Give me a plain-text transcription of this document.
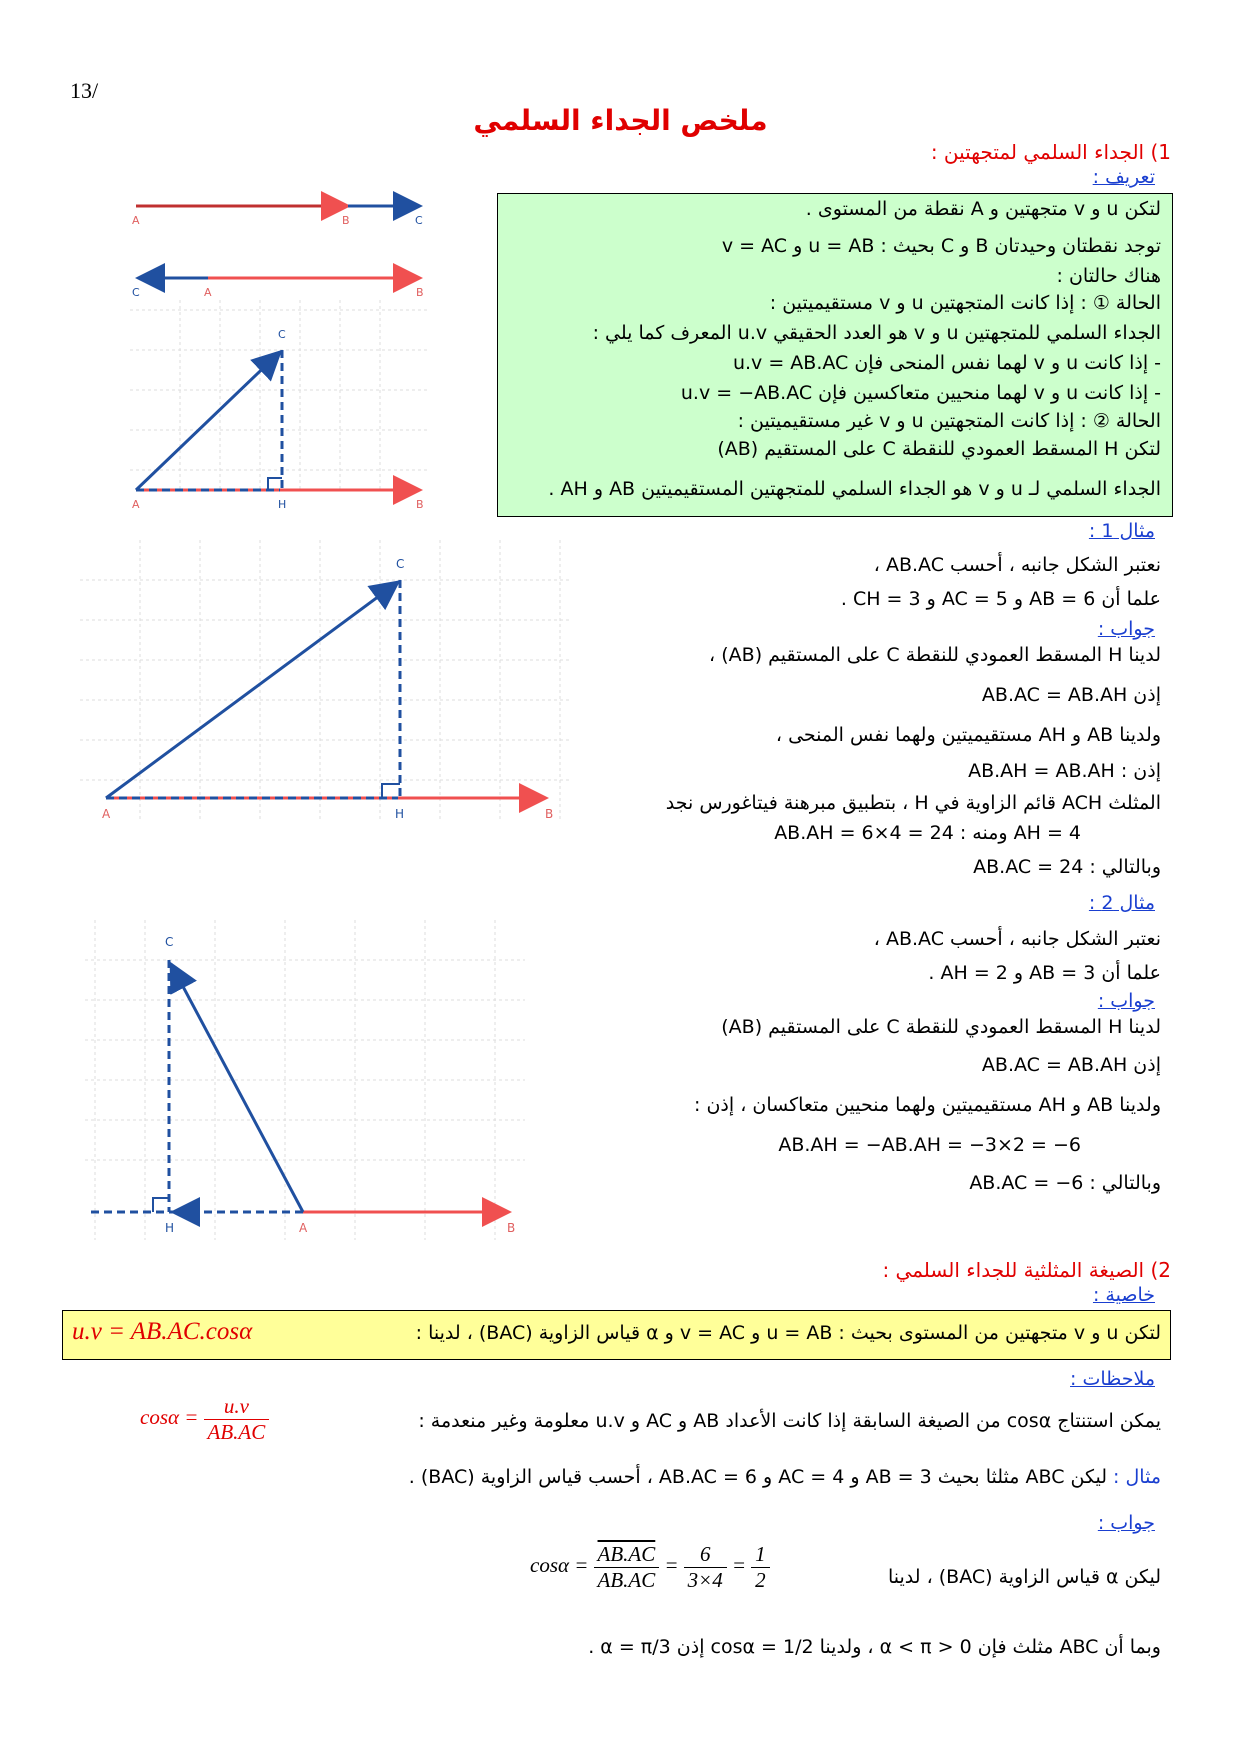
13/
ملخص الجداء السلمي
1) الجداء السلمي لمتجهتين :
تعريف :
لتكن u و v متجهتين و A نقطة من المستوى .
توجد نقطتان وحيدتان B و C بحيث : u = AB و v = AC
هناك حالتان :
الحالة ① : إذا كانت المتجهتين u و v مستقيميتين :
الجداء السلمي للمتجهتين u و v هو العدد الحقيقي u.v المعرف كما يلي :
- إذا كانت u و v لهما نفس المنحى فإن u.v = AB.AC
- إذا كانت u و v لهما منحيين متعاكسين فإن u.v = −AB.AC
الحالة ② : إذا كانت المتجهتين u و v غير مستقيميتين :
لتكن H المسقط العمودي للنقطة C على المستقيم (AB)
الجداء السلمي لـ u و v هو الجداء السلمي للمتجهتين المستقيميتين AB و AH .
A	B	C
C	A	B
A	H	B
C
مثال 1 :
نعتبر الشكل جانبه ، أحسب AB.AC ،
علما أن AB = 6 و AC = 5 و CH = 3 .
جواب :
لدينا H المسقط العمودي للنقطة C على المستقيم (AB) ،
إذن AB.AC = AB.AH
ولدينا AB و AH مستقيميتين ولهما نفس المنحى ،
إذن : AB.AH = AB.AH
المثلث ACH قائم الزاوية في H ، بتطبيق مبرهنة فيتاغورس نجد
AH = 4 ومنه : AB.AH = 6×4 = 24
وبالتالي : AB.AC = 24
A	H	B
C
مثال 2 :
نعتبر الشكل جانبه ، أحسب AB.AC ،
علما أن AB = 3 و AH = 2 .
جواب :
لدينا H المسقط العمودي للنقطة C على المستقيم (AB)
إذن AB.AC = AB.AH
ولدينا AB و AH مستقيميتين ولهما منحيين متعاكسان ، إذن :
AB.AH = −AB.AH = −3×2 = −6
وبالتالي : AB.AC = −6
A
H	B
C
2) الصيغة المثلثية للجداء السلمي :
خاصية :
لتكن u و v متجهتين من المستوى بحيث : u = AB و v = AC و α قياس الزاوية (BAC) ، لدينا :
u.v = AB.AC.cosα
ملاحظات :
يمكن استنتاج cosα من الصيغة السابقة إذا كانت الأعداد AB و AC و u.v معلومة وغير منعدمة :
$\cos\alpha = \frac{u.v}{AB.AC}$
مثال : ليكن ABC مثلثا بحيث AB = 3 و AC = 4 و AB.AC = 6 ، أحسب قياس الزاوية (BAC) .
جواب :
ليكن α قياس الزاوية (BAC) ، لدينا
$\cos\alpha = \frac{AB.AC}{AB.AC} = \frac{6}{3\times 4} = \frac{1}{2}$
وبما أن ABC مثلث فإن 0 < α < π ، ولدينا cosα = 1/2 إذن α = π/3 .
